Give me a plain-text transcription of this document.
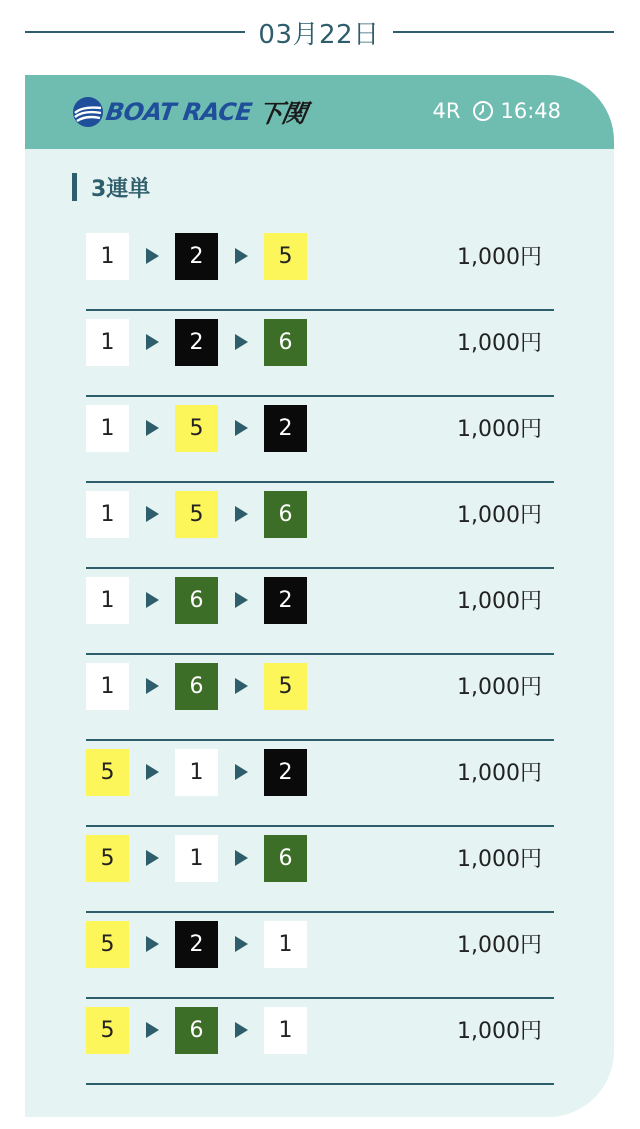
03月22日
BOAT RACE 下関	4R 16:48
3連単
1	2	5	1,000円
1	2	6	1,000円
1	5	2	1,000円
1	5	6	1,000円
1	6	2	1,000円
1	6	5	1,000円
5	1	2	1,000円
5	1	6	1,000円
5	2	1	1,000円
5	6	1	1,000円
